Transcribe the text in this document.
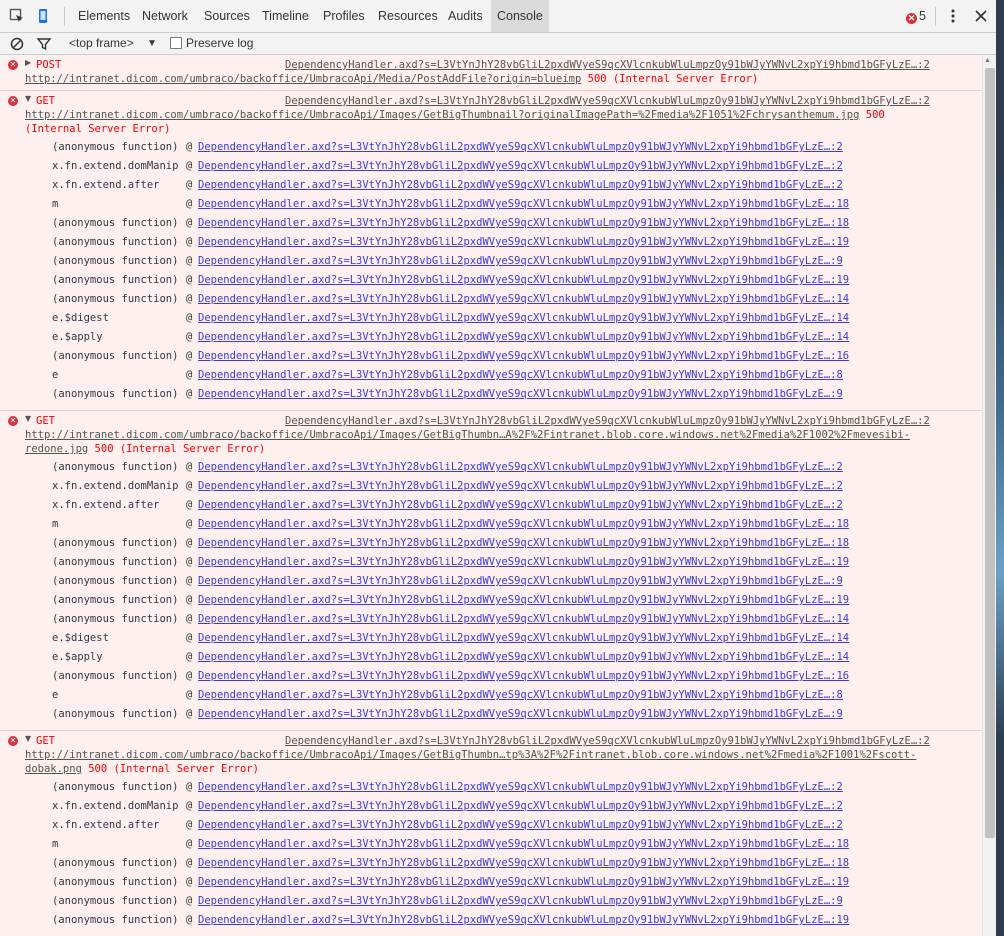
Elements Network	Sources Timeline	Profiles	Resources Audits	Console	✕ 5
<top frame> ▼	Preserve log
✕ ▶ POST	DependencyHandler.axd?s=L3VtYnJhY28vbGliL2pxdWVyeS9qcXVlcnkubWluLmpzOy91bWJyYWNvL2xpYi9hbmd1bGFyLzE…:2
http://intranet.dicom.com/umbraco/backoffice/UmbracoApi/Media/PostAddFile?origin=blueimp 500 (Internal Server Error)
✕ ▼ GET	DependencyHandler.axd?s=L3VtYnJhY28vbGliL2pxdWVyeS9qcXVlcnkubWluLmpzOy91bWJyYWNvL2xpYi9hbmd1bGFyLzE…:2
http://intranet.dicom.com/umbraco/backoffice/UmbracoApi/Images/GetBigThumbnail?originalImagePath=%2Fmedia%2F1051%2Fchrysanthemum.jpg 500
(Internal Server Error)
(anonymous function) @ DependencyHandler.axd?s=L3VtYnJhY28vbGliL2pxdWVyeS9qcXVlcnkubWluLmpzOy91bWJyYWNvL2xpYi9hbmd1bGFyLzE…:2
x.fn.extend.domManip @ DependencyHandler.axd?s=L3VtYnJhY28vbGliL2pxdWVyeS9qcXVlcnkubWluLmpzOy91bWJyYWNvL2xpYi9hbmd1bGFyLzE…:2
x.fn.extend.after	@ DependencyHandler.axd?s=L3VtYnJhY28vbGliL2pxdWVyeS9qcXVlcnkubWluLmpzOy91bWJyYWNvL2xpYi9hbmd1bGFyLzE…:2
m	@ DependencyHandler.axd?s=L3VtYnJhY28vbGliL2pxdWVyeS9qcXVlcnkubWluLmpzOy91bWJyYWNvL2xpYi9hbmd1bGFyLzE…:18
(anonymous function) @ DependencyHandler.axd?s=L3VtYnJhY28vbGliL2pxdWVyeS9qcXVlcnkubWluLmpzOy91bWJyYWNvL2xpYi9hbmd1bGFyLzE…:18
(anonymous function) @ DependencyHandler.axd?s=L3VtYnJhY28vbGliL2pxdWVyeS9qcXVlcnkubWluLmpzOy91bWJyYWNvL2xpYi9hbmd1bGFyLzE…:19
(anonymous function) @ DependencyHandler.axd?s=L3VtYnJhY28vbGliL2pxdWVyeS9qcXVlcnkubWluLmpzOy91bWJyYWNvL2xpYi9hbmd1bGFyLzE…:9
(anonymous function) @ DependencyHandler.axd?s=L3VtYnJhY28vbGliL2pxdWVyeS9qcXVlcnkubWluLmpzOy91bWJyYWNvL2xpYi9hbmd1bGFyLzE…:19
(anonymous function) @ DependencyHandler.axd?s=L3VtYnJhY28vbGliL2pxdWVyeS9qcXVlcnkubWluLmpzOy91bWJyYWNvL2xpYi9hbmd1bGFyLzE…:14
e.$digest	@ DependencyHandler.axd?s=L3VtYnJhY28vbGliL2pxdWVyeS9qcXVlcnkubWluLmpzOy91bWJyYWNvL2xpYi9hbmd1bGFyLzE…:14
e.$apply	@ DependencyHandler.axd?s=L3VtYnJhY28vbGliL2pxdWVyeS9qcXVlcnkubWluLmpzOy91bWJyYWNvL2xpYi9hbmd1bGFyLzE…:14
(anonymous function) @ DependencyHandler.axd?s=L3VtYnJhY28vbGliL2pxdWVyeS9qcXVlcnkubWluLmpzOy91bWJyYWNvL2xpYi9hbmd1bGFyLzE…:16
e	@ DependencyHandler.axd?s=L3VtYnJhY28vbGliL2pxdWVyeS9qcXVlcnkubWluLmpzOy91bWJyYWNvL2xpYi9hbmd1bGFyLzE…:8
(anonymous function) @ DependencyHandler.axd?s=L3VtYnJhY28vbGliL2pxdWVyeS9qcXVlcnkubWluLmpzOy91bWJyYWNvL2xpYi9hbmd1bGFyLzE…:9
✕ ▼ GET	DependencyHandler.axd?s=L3VtYnJhY28vbGliL2pxdWVyeS9qcXVlcnkubWluLmpzOy91bWJyYWNvL2xpYi9hbmd1bGFyLzE…:2
http://intranet.dicom.com/umbraco/backoffice/UmbracoApi/Images/GetBigThumbn…A%2F%2Fintranet.blob.core.windows.net%2Fmedia%2F1002%2Fmevesibi-
redone.jpg 500 (Internal Server Error)
(anonymous function) @ DependencyHandler.axd?s=L3VtYnJhY28vbGliL2pxdWVyeS9qcXVlcnkubWluLmpzOy91bWJyYWNvL2xpYi9hbmd1bGFyLzE…:2
x.fn.extend.domManip @ DependencyHandler.axd?s=L3VtYnJhY28vbGliL2pxdWVyeS9qcXVlcnkubWluLmpzOy91bWJyYWNvL2xpYi9hbmd1bGFyLzE…:2
x.fn.extend.after	@ DependencyHandler.axd?s=L3VtYnJhY28vbGliL2pxdWVyeS9qcXVlcnkubWluLmpzOy91bWJyYWNvL2xpYi9hbmd1bGFyLzE…:2
m	@ DependencyHandler.axd?s=L3VtYnJhY28vbGliL2pxdWVyeS9qcXVlcnkubWluLmpzOy91bWJyYWNvL2xpYi9hbmd1bGFyLzE…:18
(anonymous function) @ DependencyHandler.axd?s=L3VtYnJhY28vbGliL2pxdWVyeS9qcXVlcnkubWluLmpzOy91bWJyYWNvL2xpYi9hbmd1bGFyLzE…:18
(anonymous function) @ DependencyHandler.axd?s=L3VtYnJhY28vbGliL2pxdWVyeS9qcXVlcnkubWluLmpzOy91bWJyYWNvL2xpYi9hbmd1bGFyLzE…:19
(anonymous function) @ DependencyHandler.axd?s=L3VtYnJhY28vbGliL2pxdWVyeS9qcXVlcnkubWluLmpzOy91bWJyYWNvL2xpYi9hbmd1bGFyLzE…:9
(anonymous function) @ DependencyHandler.axd?s=L3VtYnJhY28vbGliL2pxdWVyeS9qcXVlcnkubWluLmpzOy91bWJyYWNvL2xpYi9hbmd1bGFyLzE…:19
(anonymous function) @ DependencyHandler.axd?s=L3VtYnJhY28vbGliL2pxdWVyeS9qcXVlcnkubWluLmpzOy91bWJyYWNvL2xpYi9hbmd1bGFyLzE…:14
e.$digest	@ DependencyHandler.axd?s=L3VtYnJhY28vbGliL2pxdWVyeS9qcXVlcnkubWluLmpzOy91bWJyYWNvL2xpYi9hbmd1bGFyLzE…:14
e.$apply	@ DependencyHandler.axd?s=L3VtYnJhY28vbGliL2pxdWVyeS9qcXVlcnkubWluLmpzOy91bWJyYWNvL2xpYi9hbmd1bGFyLzE…:14
(anonymous function) @ DependencyHandler.axd?s=L3VtYnJhY28vbGliL2pxdWVyeS9qcXVlcnkubWluLmpzOy91bWJyYWNvL2xpYi9hbmd1bGFyLzE…:16
e	@ DependencyHandler.axd?s=L3VtYnJhY28vbGliL2pxdWVyeS9qcXVlcnkubWluLmpzOy91bWJyYWNvL2xpYi9hbmd1bGFyLzE…:8
(anonymous function) @ DependencyHandler.axd?s=L3VtYnJhY28vbGliL2pxdWVyeS9qcXVlcnkubWluLmpzOy91bWJyYWNvL2xpYi9hbmd1bGFyLzE…:9
✕ ▼ GET	DependencyHandler.axd?s=L3VtYnJhY28vbGliL2pxdWVyeS9qcXVlcnkubWluLmpzOy91bWJyYWNvL2xpYi9hbmd1bGFyLzE…:2
http://intranet.dicom.com/umbraco/backoffice/UmbracoApi/Images/GetBigThumbn…tp%3A%2F%2Fintranet.blob.core.windows.net%2Fmedia%2F1001%2Fscott-
dobak.png 500 (Internal Server Error)
(anonymous function) @ DependencyHandler.axd?s=L3VtYnJhY28vbGliL2pxdWVyeS9qcXVlcnkubWluLmpzOy91bWJyYWNvL2xpYi9hbmd1bGFyLzE…:2
x.fn.extend.domManip @ DependencyHandler.axd?s=L3VtYnJhY28vbGliL2pxdWVyeS9qcXVlcnkubWluLmpzOy91bWJyYWNvL2xpYi9hbmd1bGFyLzE…:2
x.fn.extend.after	@ DependencyHandler.axd?s=L3VtYnJhY28vbGliL2pxdWVyeS9qcXVlcnkubWluLmpzOy91bWJyYWNvL2xpYi9hbmd1bGFyLzE…:2
m	@ DependencyHandler.axd?s=L3VtYnJhY28vbGliL2pxdWVyeS9qcXVlcnkubWluLmpzOy91bWJyYWNvL2xpYi9hbmd1bGFyLzE…:18
(anonymous function) @ DependencyHandler.axd?s=L3VtYnJhY28vbGliL2pxdWVyeS9qcXVlcnkubWluLmpzOy91bWJyYWNvL2xpYi9hbmd1bGFyLzE…:18
(anonymous function) @ DependencyHandler.axd?s=L3VtYnJhY28vbGliL2pxdWVyeS9qcXVlcnkubWluLmpzOy91bWJyYWNvL2xpYi9hbmd1bGFyLzE…:19
(anonymous function) @ DependencyHandler.axd?s=L3VtYnJhY28vbGliL2pxdWVyeS9qcXVlcnkubWluLmpzOy91bWJyYWNvL2xpYi9hbmd1bGFyLzE…:9
(anonymous function) @ DependencyHandler.axd?s=L3VtYnJhY28vbGliL2pxdWVyeS9qcXVlcnkubWluLmpzOy91bWJyYWNvL2xpYi9hbmd1bGFyLzE…:19
▲
